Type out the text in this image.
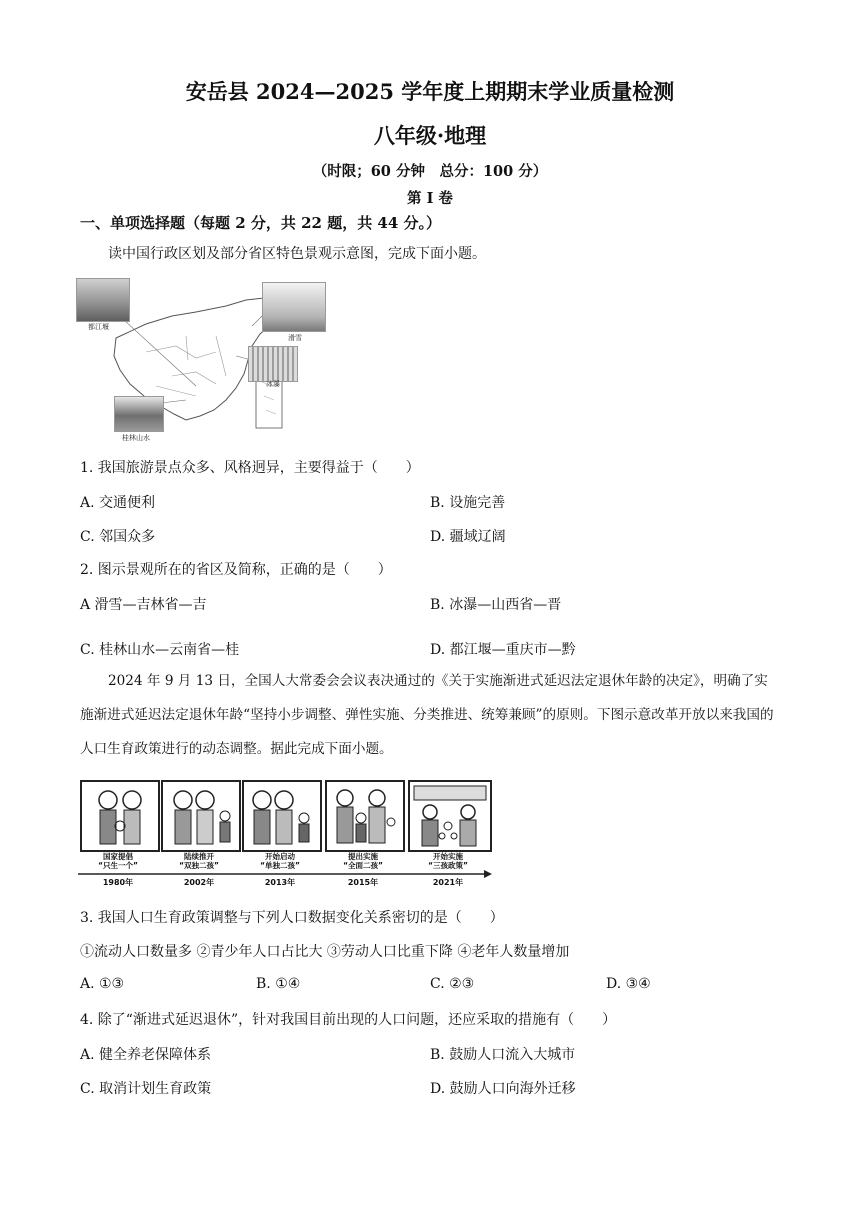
安岳县 2024—2025 学年度上期期末学业质量检测
八年级·地理
（时限；60 分钟　总分：100 分）
第 Ⅰ 卷
一、单项选择题（每题 2 分，共 22 题，共 44 分。）
读中国行政区划及部分省区特色景观示意图，完成下面小题。
都江堰
滑雪
冰瀑
桂林山水
1. 我国旅游景点众多、风格迥异，主要得益于（　　）
A. 交通便利	B. 设施完善
C. 邻国众多	D. 疆域辽阔
2. 图示景观所在的省区及简称，正确的是（　　）
A 滑雪—吉林省—吉	B. 冰瀑—山西省—晋
C. 桂林山水—云南省—桂	D. 都江堰—重庆市—黔
2024 年 9 月 13 日，全国人大常委会会议表决通过的《关于实施渐进式延迟法定退休年龄的决定》，明确了实施渐进式延迟法定退休年龄“坚持小步调整、弹性实施、分类推进、统筹兼顾”的原则。下图示意改革开放以来我国的人口生育政策进行的动态调整。据此完成下面小题。
国家提倡
“只生一个”
陆续推开
“双独二孩”
开始启动
“单独二孩”
提出实施
“全面二孩”
开始实施
“三孩政策”
1980年	2002年	2013年	2015年	2021年
3. 我国人口生育政策调整与下列人口数据变化关系密切的是（　　）
①流动人口数量多 ②青少年人口占比大 ③劳动人口比重下降 ④老年人数量增加
A. ①③	B. ①④	C. ②③	D. ③④
4. 除了“渐进式延迟退休”，针对我国目前出现的人口问题，还应采取的措施有（　　）
A. 健全养老保障体系	B. 鼓励人口流入大城市
C. 取消计划生育政策	D. 鼓励人口向海外迁移
